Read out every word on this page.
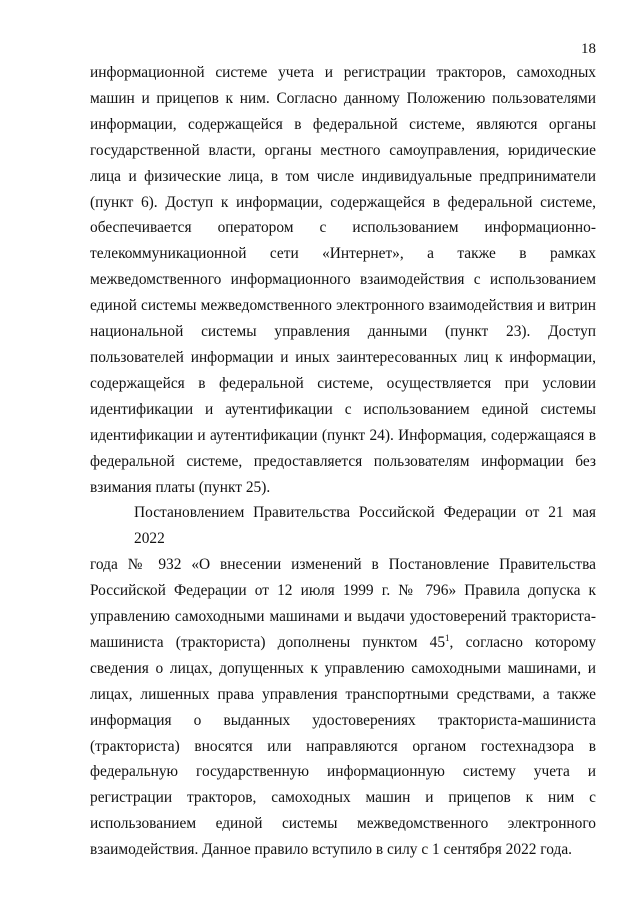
18

информационной системе учета и регистрации тракторов, самоходных
машин и прицепов к ним. Согласно данному Положению пользователями
информации, содержащейся в федеральной системе, являются органы
государственной власти, органы местного самоуправления, юридические
лица и физические лица, в том числе индивидуальные предприниматели
(пункт 6). Доступ к информации, содержащейся в федеральной системе,
обеспечивается оператором с использованием информационно-
телекоммуникационной сети «Интернет», а также в рамках
межведомственного информационного взаимодействия с использованием
единой системы межведомственного электронного взаимодействия и витрин
национальной системы управления данными (пункт 23). Доступ
пользователей информации и иных заинтересованных лиц к информации,
содержащейся в федеральной системе, осуществляется при условии
идентификации и аутентификации с использованием единой системы
идентификации и аутентификации (пункт 24). Информация, содержащаяся в
федеральной системе, предоставляется пользователям информации без
взимания платы (пункт 25).

Постановлением Правительства Российской Федерации от 21 мая 2022
года № 932 «О внесении изменений в Постановление Правительства
Российской Федерации от 12 июля 1999 г. № 796» Правила допуска к
управлению самоходными машинами и выдачи удостоверений тракториста-
машиниста (тракториста) дополнены пунктом $45^1$, согласно которому
сведения о лицах, допущенных к управлению самоходными машинами, и
лицах, лишенных права управления транспортными средствами, а также
информация о выданных удостоверениях тракториста-машиниста
(тракториста) вносятся или направляются органом гостехнадзора в
федеральную государственную информационную систему учета и
регистрации тракторов, самоходных машин и прицепов к ним с
использованием единой системы межведомственного электронного
взаимодействия. Данное правило вступило в силу с 1 сентября 2022 года.
